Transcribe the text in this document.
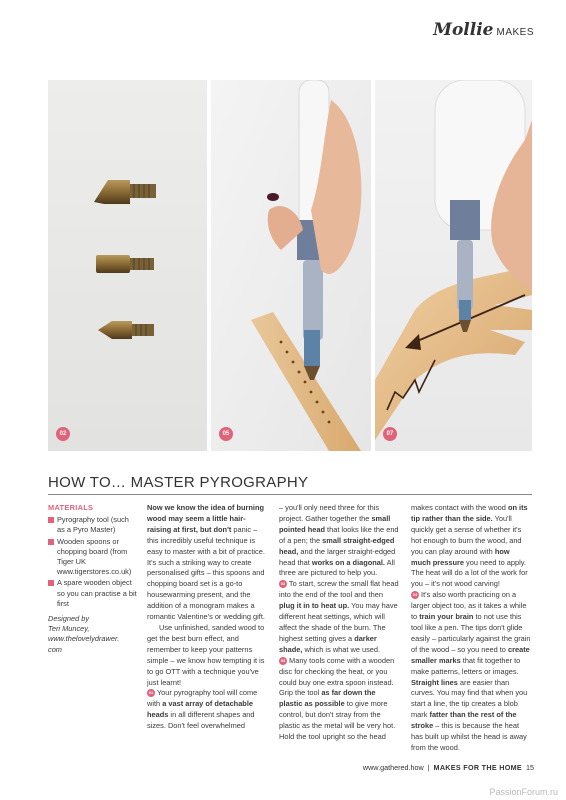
Mollie MAKES
02	05	07
HOW TO… MASTER PYROGRAPHY
MATERIALS
Pyrography tool (such as a Pyro Master)
Wooden spoons or chopping board (from Tiger UK www.tigerstores.co.uk)
A spare wooden object so you can practise a bit first
Designed by
Teri Muncey,
www.thelovelydrawer.
com

Now we know the idea of burning wood may seem a little hair-raising at first, but don't panic – this incredibly useful technique is easy to master with a bit of practice. It's such a striking way to create personalised gifts – this spoons and chopping board set is a go-to housewarming present, and the addition of a monogram makes a romantic Valentine's or wedding gift.

Use unfinished, sanded wood to get the best burn effect, and remember to keep your patterns simple – we know how tempting it is to go OTT with a technique you've just learnt!

01 Your pyrography tool will come with a vast array of detachable heads in all different shapes and sizes. Don't feel overwhelmed

– you'll only need three for this project. Gather together the small pointed head that looks like the end of a pen; the small straight-edged head, and the larger straight-edged head that works on a diagonal. All three are pictured to help you.

02 To start, screw the small flat head into the end of the tool and then plug it in to heat up. You may have different heat settings, which will affect the shade of the burn. The highest setting gives a darker shade, which is what we used.

03 Many tools come with a wooden disc for checking the heat, or you could buy one extra spoon instead. Grip the tool as far down the plastic as possible to give more control, but don't stray from the plastic as the metal will be very hot. Hold the tool upright so the head

makes contact with the wood on its tip rather than the side. You'll quickly get a sense of whether it's hot enough to burn the wood, and you can play around with how much pressure you need to apply. The heat will do a lot of the work for you – it's not wood carving!

04 It's also worth practicing on a larger object too, as it takes a while to train your brain to not use this tool like a pen. The tips don't glide easily – particularly against the grain of the wood – so you need to create smaller marks that fit together to make patterns, letters or images. Straight lines are easier than curves. You may find that when you start a line, the tip creates a blob mark fatter than the rest of the stroke – this is because the heat has built up whilst the head is away from the wood.

www.gathered.how | MAKES FOR THE HOME 15
PassionForum.ru
